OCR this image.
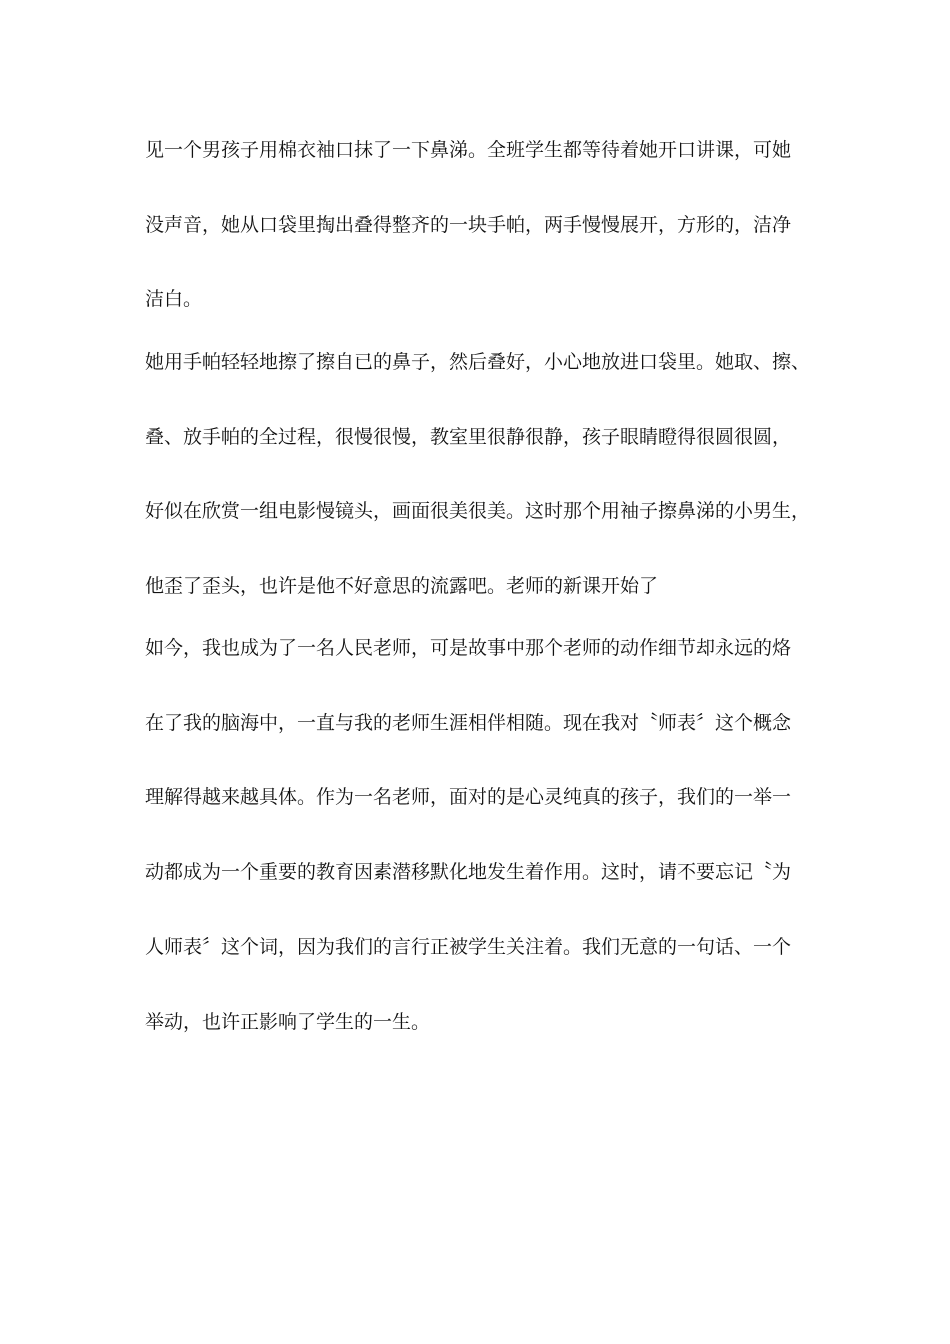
见一个男孩子用棉衣袖口抹了一下鼻涕。全班学生都等待着她开口讲课，可她
没声音，她从口袋里掏出叠得整齐的一块手帕，两手慢慢展开，方形的，洁净
洁白。
她用手帕轻轻地擦了擦自已的鼻子，然后叠好，小心地放进口袋里。她取、擦、
叠、放手帕的全过程，很慢很慢，教室里很静很静，孩子眼睛瞪得很圆很圆，
好似在欣赏一组电影慢镜头，画面很美很美。这时那个用袖子擦鼻涕的小男生，
他歪了歪头，也许是他不好意思的流露吧。老师的新课开始了
如今，我也成为了一名人民老师，可是故事中那个老师的动作细节却永远的烙
在了我的脑海中，一直与我的老师生涯相伴相随。现在我对〝师表〞这个概念
理解得越来越具体。作为一名老师，面对的是心灵纯真的孩子，我们的一举一
动都成为一个重要的教育因素潜移默化地发生着作用。这时，请不要忘记〝为
人师表〞这个词，因为我们的言行正被学生关注着。我们无意的一句话、一个
举动，也许正影响了学生的一生。
